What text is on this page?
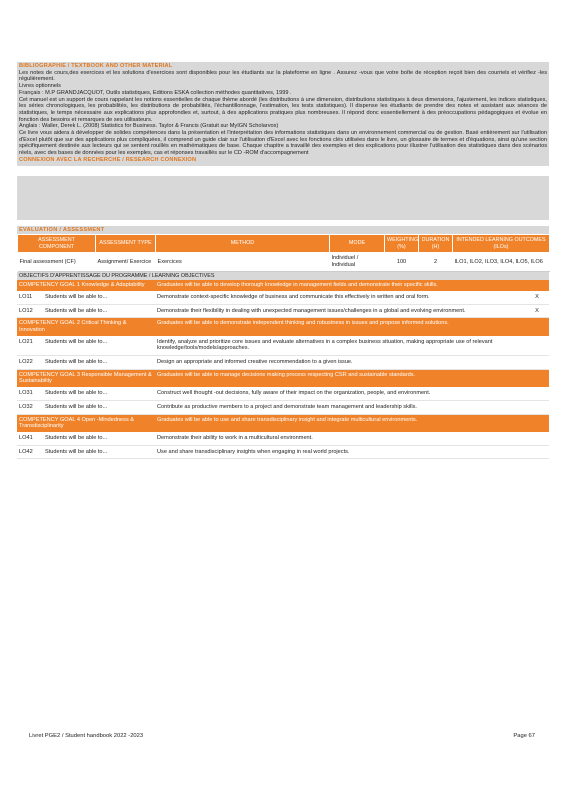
BIBLIOGRAPHIE / TEXTBOOK AND OTHER MATERIAL

Les notes de cours,des exercices et les solutions d'exercices sont disponibles pour les étudiants sur la plateforme en ligne . Assurez -vous que votre boîte de réception reçoit bien des courriels et vérifiez -les régulièrement.

Livres optionnels

Français : M.P GRANDJACQUOT, Outils statistiques, Editions ESKA collection méthodes quantitatives, 1999 .

Cet manuel est un support de cours rappelant les notions essentielles de chaque thème abordé (les distributions à une dimension, distributions statistiques à deux dimensions, l'ajustement, les indices statistiques, les séries chronologiques, les probabilités, les distributions de probabilités, l'échantillonnage, l'estimation, les tests statistiques). Il dispense les étudiants de prendre des notes et assistant aux séances de statistiques, le temps nécessaire aux explications plus approfondies et, surtout, à des applications pratiques plus nombreuses. Il répond donc essentiellement à des préoccupations pédagogiques et évolue en fonction des besoins et remarques de ses utilisateurs.

Anglais : Waller, Derek L. (2008) Statistics for Business. Taylor & Francis (Gratuit sur MyIGN Scholarvox)

Ce livre vous aidera à développer de solides compétences dans la présentation et l'interprétation des informations statistiques dans un environnement commercial ou de gestion. Basé entièrement sur l'utilisation d'Excel plutôt que sur des applications plus compliquées, il comprend un guide clair sur l'utilisation d'Excel avec les fonctions clés utilisées dans le livre, un glossaire de termes et d'équations, ainsi qu'une section spécifiquement destinée aux lecteurs qui se sentent rouillés en mathématiques de base. Chaque chapitre a travaillé des exemples et des explications pour illustrer l'utilisation des statistiques dans des scénarios réels, avec des bases de données pour les exemples, cas et réponses travaillés sur le CD -ROM d'accompagnement

CONNEXION AVEC LA RECHERCHE / RESEARCH CONNEXION
EVALUATION / ASSESSMENT
ASSESSMENT COMPONENT	ASSESSMENT TYPE	METHOD	MODE	WEIGHTING (%)	DURATION (H)	INTENDED LEARNING OUTCOMES (ILOs)
Final assessment (CF)	Assignment/ Exercice	Exercices	Individuel / Individual	100	2	ILO1, ILO2, ILO3, ILO4, ILO5, ILO6
OBJECTIFS D'APPRENTISSAGE DU PROGRAMME / LEARNING OBJECTIVES
COMPETENCY GOAL 1 Knowledge & Adaptability		Graduates will be able to develop thorough knowledge in management fields and demonstrate their specific skills.	
LO11	Students will be able to...	Demonstrate context-specific knowledge of business and communicate this effectively in written and oral form.	X
LO12	Students will be able to...	Demonstrate their flexibility in dealing with unexpected management issues/challenges in a global and evolving environment.	X
COMPETENCY GOAL 2 Critical Thinking & Innovation		Graduates will be able to demonstrate independent thinking and robustness in issues and propose informed solutions.	
LO21	Students will be able to...	Identify, analyze and prioritize core issues and evaluate alternatives in a complex business situation, making appropriate use of relevant knowledge/tools/models/approaches.	
LO22	Students will be able to...	Design an appropriate and informed creative recommendation to a given issue.	
COMPETENCY GOAL 3 Responsible Management & Sustainability		Graduates will be able to manage decisions making process respecting CSR and sustainable standards.	
LO31	Students will be able to...	Construct well thought -out decisions, fully aware of their impact on the organization, people, and environment.	
LO32	Students will be able to...	Contribute as productive members to a project and demonstrate team management and leadership skills.	
COMPETENCY GOAL 4 Open -Mindedness & Transdisciplinarity		Graduates will be able to use and share transdisciplinary insight and integrate multicultural environments.	
LO41	Students will be able to...	Demonstrate their ability to work in a multicultural environment.	
LO42	Students will be able to...	Use and share transdisciplinary insights when engaging in real world projects.	
Livret PGE2 / Student handbook 2022 -2023	Page 67
